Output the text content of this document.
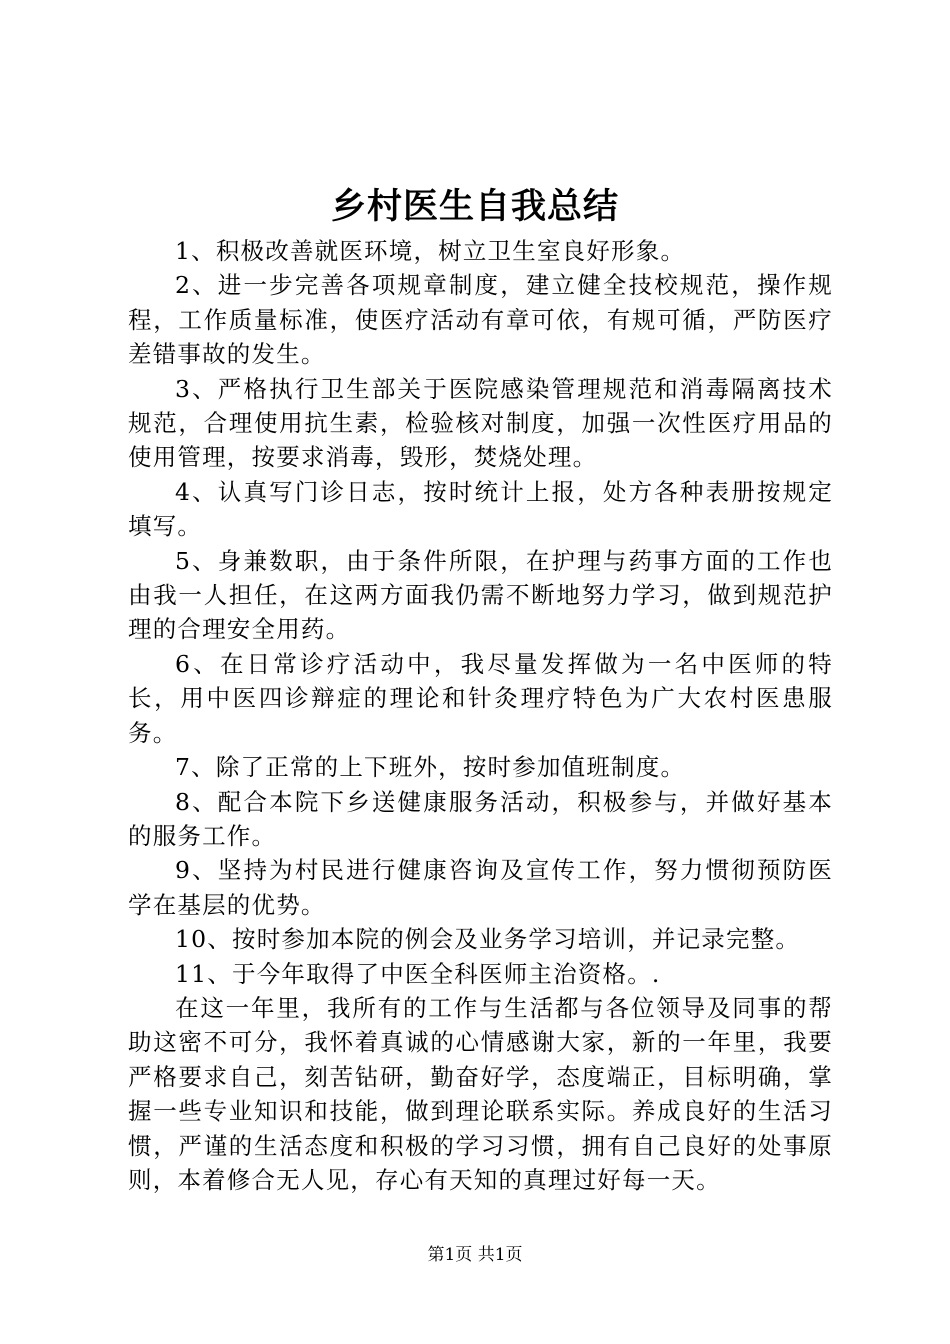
乡村医生自我总结

1、积极改善就医环境，树立卫生室良好形象。

2、进一步完善各项规章制度，建立健全技校规范，操作规程，工作质量标准，使医疗活动有章可依，有规可循，严防医疗差错事故的发生。

3、严格执行卫生部关于医院感染管理规范和消毒隔离技术规范，合理使用抗生素，检验核对制度，加强一次性医疗用品的使用管理，按要求消毒，毁形，焚烧处理。

4、认真写门诊日志，按时统计上报，处方各种表册按规定填写。

5、身兼数职，由于条件所限，在护理与药事方面的工作也由我一人担任，在这两方面我仍需不断地努力学习，做到规范护理的合理安全用药。

6、在日常诊疗活动中，我尽量发挥做为一名中医师的特长，用中医四诊辩症的理论和针灸理疗特色为广大农村医患服务。

7、除了正常的上下班外，按时参加值班制度。

8、配合本院下乡送健康服务活动，积极参与，并做好基本的服务工作。

9、坚持为村民进行健康咨询及宣传工作，努力惯彻预防医学在基层的优势。

10、按时参加本院的例会及业务学习培训，并记录完整。

11、于今年取得了中医全科医师主治资格。.

在这一年里，我所有的工作与生活都与各位领导及同事的帮助这密不可分，我怀着真诚的心情感谢大家，新的一年里，我要严格要求自己，刻苦钻研，勤奋好学，态度端正，目标明确，掌握一些专业知识和技能，做到理论联系实际。养成良好的生活习惯，严谨的生活态度和积极的学习习惯，拥有自己良好的处事原则，本着修合无人见，存心有天知的真理过好每一天。

第1页 共1页
